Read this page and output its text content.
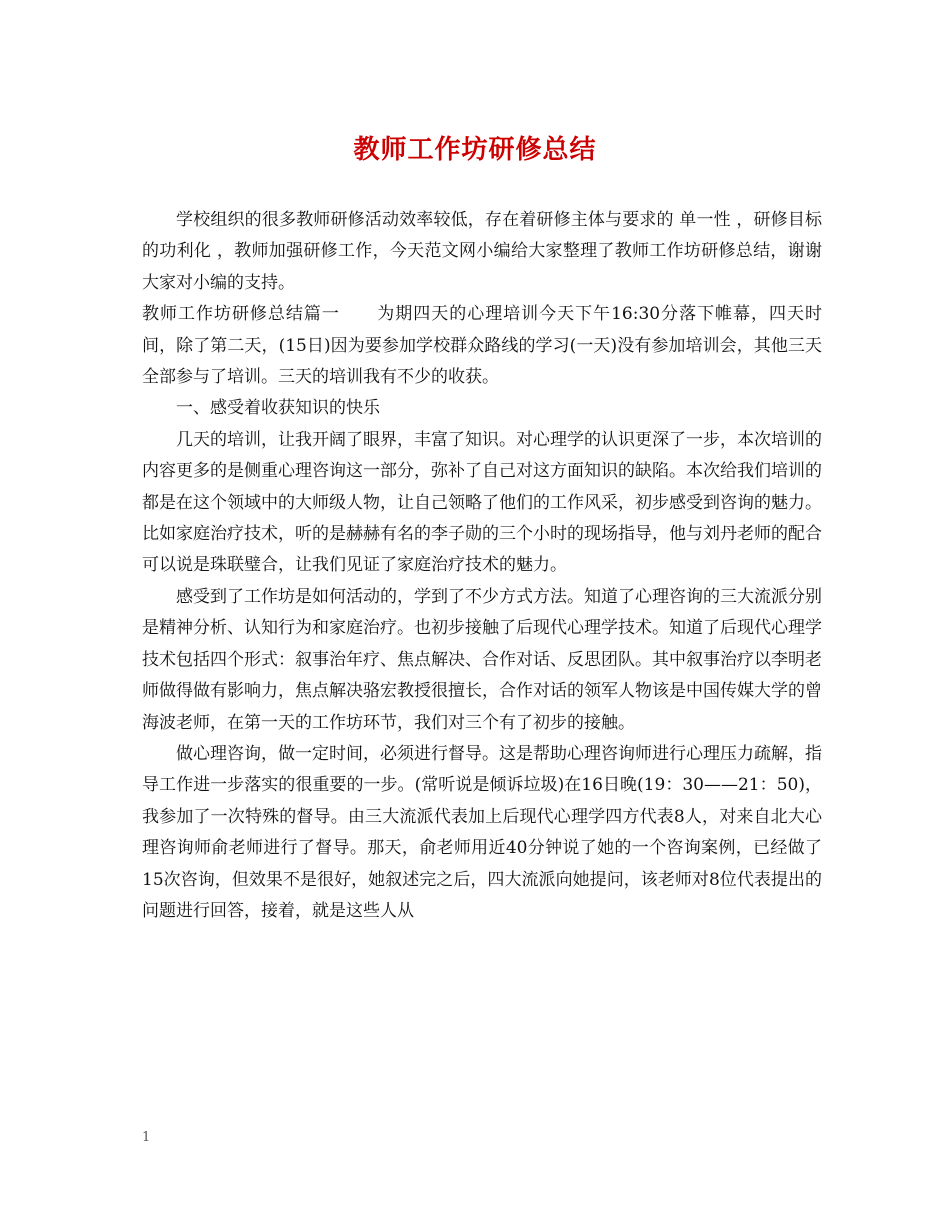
教师工作坊研修总结

学校组织的很多教师研修活动效率较低，存在着研修主体与要求的 单一性 ，研修目标的功利化 ，教师加强研修工作，今天范文网小编给大家整理了教师工作坊研修总结，谢谢大家对小编的支持。

教师工作坊研修总结篇一 为期四天的心理培训今天下午16:30分落下帷幕，四天时间，除了第二天，(15日)因为要参加学校群众路线的学习(一天)没有参加培训会，其他三天全部参与了培训。三天的培训我有不少的收获。

一、感受着收获知识的快乐

几天的培训，让我开阔了眼界，丰富了知识。对心理学的认识更深了一步，本次培训的内容更多的是侧重心理咨询这一部分，弥补了自己对这方面知识的缺陷。本次给我们培训的都是在这个领域中的大师级人物，让自己领略了他们的工作风采，初步感受到咨询的魅力。比如家庭治疗技术，听的是赫赫有名的李子勋的三个小时的现场指导，他与刘丹老师的配合可以说是珠联璧合，让我们见证了家庭治疗技术的魅力。

感受到了工作坊是如何活动的，学到了不少方式方法。知道了心理咨询的三大流派分别是精神分析、认知行为和家庭治疗。也初步接触了后现代心理学技术。知道了后现代心理学技术包括四个形式：叙事治年疗、焦点解决、合作对话、反思团队。其中叙事治疗以李明老师做得做有影响力，焦点解决骆宏教授很擅长，合作对话的领军人物该是中国传媒大学的曾海波老师，在第一天的工作坊环节，我们对三个有了初步的接触。

做心理咨询，做一定时间，必须进行督导。这是帮助心理咨询师进行心理压力疏解，指导工作进一步落实的很重要的一步。(常听说是倾诉垃圾)在16日晚(19：30——21：50)，我参加了一次特殊的督导。由三大流派代表加上后现代心理学四方代表8人，对来自北大心理咨询师俞老师进行了督导。那天，俞老师用近40分钟说了她的一个咨询案例，已经做了15次咨询，但效果不是很好，她叙述完之后，四大流派向她提问，该老师对8位代表提出的问题进行回答，接着，就是这些人从

1
